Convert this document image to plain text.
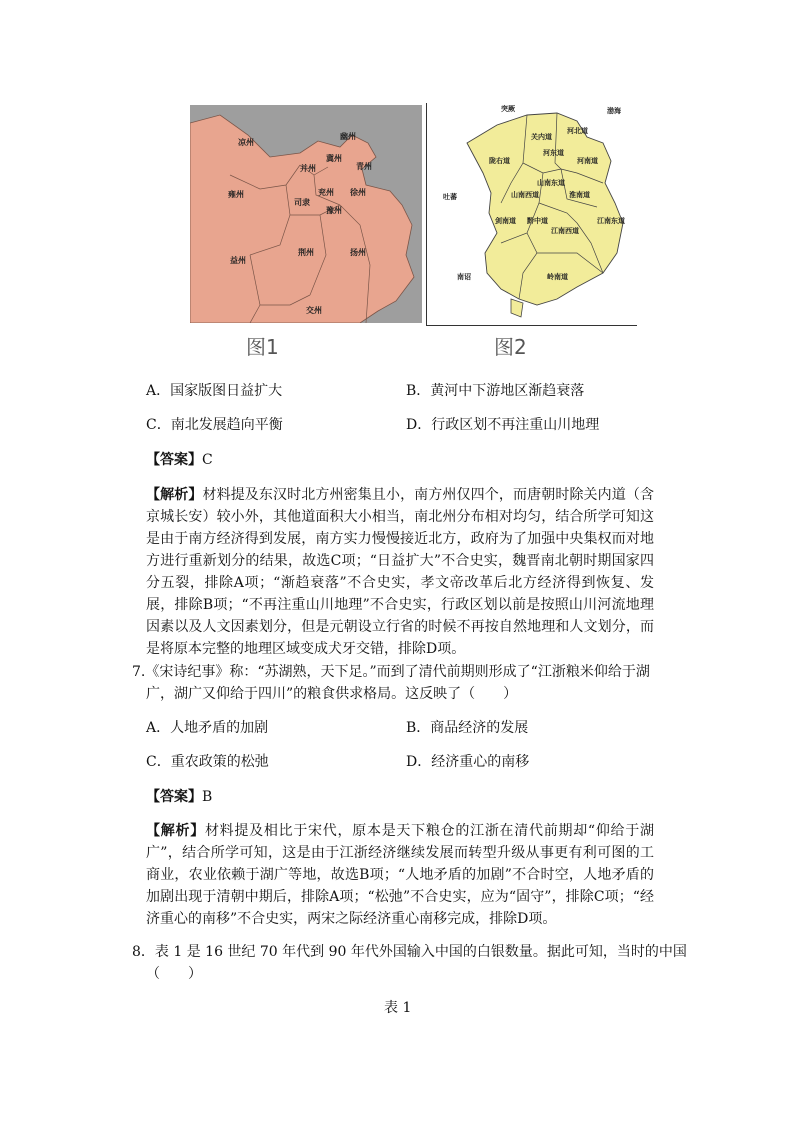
凉州
雍州
益州
荆州	扬州
交州
并州
冀州
兖州
司隶
豫州
徐州
青州
幽州
图1
突厥	渤海
关内道
河北道
河东道
河南道
陇右道
淮南道
山南西道
山南东道
剑南道
江南西道
江南东道
黔中道
岭南道
吐蕃
南诏
图2
A．国家版图日益扩大	B．黄河中下游地区渐趋衰落
C．南北发展趋向平衡	D．行政区划不再注重山川地理
【答案】C
【解析】材料提及东汉时北方州密集且小，南方州仅四个，而唐朝时除关内道（含京城长安）较小外，其他道面积大小相当，南北州分布相对均匀，结合所学可知这是由于南方经济得到发展，南方实力慢慢接近北方，政府为了加强中央集权而对地方进行重新划分的结果，故选C项；“日益扩大”不合史实，魏晋南北朝时期国家四分五裂，排除A项；“渐趋衰落”不合史实，孝文帝改革后北方经济得到恢复、发展，排除B项；“不再注重山川地理”不合史实，行政区划以前是按照山川河流地理因素以及人文因素划分，但是元朝设立行省的时候不再按自然地理和人文划分，而是将原本完整的地理区域变成犬牙交错，排除D项。
7.《宋诗纪事》称：“苏湖熟，天下足。”而到了清代前期则形成了“江浙粮米仰给于湖
广，湖广又仰给于四川”的粮食供求格局。这反映了（　　）
A．人地矛盾的加剧	B．商品经济的发展
C．重农政策的松弛	D．经济重心的南移
【答案】B
【解析】材料提及相比于宋代，原本是天下粮仓的江浙在清代前期却“仰给于湖广”，结合所学可知，这是由于江浙经济继续发展而转型升级从事更有利可图的工商业，农业依赖于湖广等地，故选B项；“人地矛盾的加剧”不合时空，人地矛盾的加剧出现于清朝中期后，排除A项；“松弛”不合史实，应为“固守”，排除C项；“经济重心的南移”不合史实，两宋之际经济重心南移完成，排除D项。
8．表 1 是 16 世纪 70 年代到 90 年代外国输入中国的白银数量。据此可知，当时的中国
（　　）
表 1
